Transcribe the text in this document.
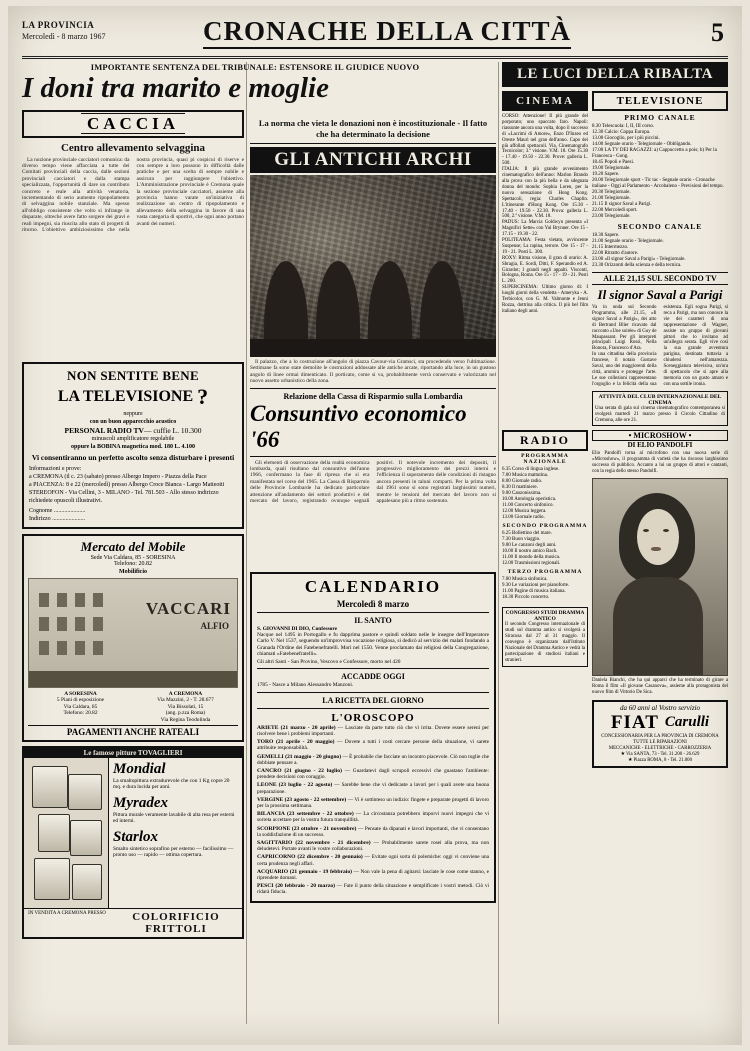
LA PROVINCIA
Mercoledì - 8 marzo 1967	CRONACHE DELLA CITTÀ	5
IMPORTANTE SENTENZA DEL TRIBUNALE: ESTENSORE IL GIUDICE NUOVO
I doni tra marito e moglie
CACCIA
Centro allevamento selvaggina

La nozione provinciale cacciatori comunica: da diverso tempo viene affacciata a tutte dei Comitati provinciali della caccia, dalle sezioni provinciali cacciatori e dalla stampa specializzata, l'opportunità di dare un contributo concreto e reale alla attività venatoria, incrementando di serio aumento ripopolamento di selvaggina nobile stanziale. Ma spesso all'obbligo consistente che volto si infrange in disparate, oltreché avere fatto sorgere dei gravi e reali impegni, sia riuscita allo stato di progetti di ritorno. L'obiettivo ambiziosissimo che nella nostra provincia, quasi pi cospicui di riserve e con sempre a loro possono in difficoltà dalle pratiche e per una scelta di sempre nobile e assicura per raggiungere l'obiettivo. L'Amministrazione provinciale è Cremona quale la sezione provinciale cacciatori, assieme alla provincia hanno varate un'iniziativa di realizzazione un centro di ripopolamento e allevamento della selvaggina in favore di una vasta categoria di sportivi, che ogni anno portano avanti dei numeri.

NON SENTITE BENE
LA TELEVISIONE ?
neppure
con un buon apparecchio acustico
PERSONAL RADIO TV— cuffie L. 10.300
minuscoli amplificatore regolabile
oppure la BOBINA magnetica mod. 180 L. 4.100
Vi consentiranno un perfetto ascolto senza disturbare i presenti
Informazioni e prove:
a CREMONA (il c. 23 (sabato) presso Albergo Impero - Piazza della Pace
a PIACENZA: 8 e 22 (mercoledì) presso Albergo Croce Bianca - Largo Matteotti
STEREOFON - Via Cellini, 3 - MILANO - Tel. 781.503 - Allo stesso indirizzo richiedete opuscoli illustrativi.
Cognome .....................
Indirizzo ......................
Mercato del Mobile
Sede Via Caldara, 85 - SORESINA
Telefono: 20.82
Mobilificio
VACCARI
ALFIO
A SORESINA
5 Piani di esposizione
Via Caldara, 85
Telefono: 20.82
A CREMONA
Via Mazzini, 2 - T. 28.677
Via Bissolati, 15
(ang. p.zza Roma)
Via Regina Teodolinda
PAGAMENTI ANCHE RATEALI
Le famose pitture TOVAGLIERI
Mondial
La smaltopittura extradurevole che con 1 Kg copre 20 mq. e dura lucida per anni.
Myradex
Pittura murale veramente lavabile di alta resa per esterni ed interni.
Starlox
Smalto sintetico soprafino per esterno — facilissimo — pronto uso — rapido — ottima copertura.
IN VENDITA A CREMONA PRESSO	COLORIFICIO FRITTOLI
La norma che vieta le donazioni non è incostituzionale - Il fatto che ha determinato la decisione
GLI ANTICHI ARCHI

Il palazzo, che a lo costruzione all'angolo di piazza Cavour-via Gramsci, sta procedendo verso l'ultimazione. Settimane fa sono state demolite le costruzioni addossate alle antiche arcate, riportando alla luce, in un gustoso angolo di linee ormai dimenticato. Il porticato, come si va, probabilmente verrà conservato e valorizzato nel nuovo assetto urbanistico della zona.

Relazione della Cassa di Risparmio sulla Lombardia
Consuntivo economico '66

Gli elementi di osservazione della realtà economica lombarda, quali risultano dal consuntivo dell'anno 1966, confermano la fase di ripresa che si era manifestata nel corso del 1965. La Cassa di Risparmio delle Provincie Lombarde ha dedicato particolare attenzione all'andamento dei settori produttivi e del mercato del lavoro, registrando ovunque segnali positivi. Il notevole incremento dei depositi, il progressivo miglioramento dei prezzi interni e l'efficienza il superamento delle condizioni di ristagno ancora presenti in taluni comparti. Per la prima volta dal 1961 sono si sono registrati larghissimi numeri, mentre le tensioni del mercato del lavoro non si appalesano più a ritmo sostenuto.

CALENDARIO
Mercoledì 8 marzo
IL SANTO
S. GIOVANNI DI DIO, Confessore
Nacque nel 1495 in Portogallo e fu dapprima pastore e quindi soldato nelle le insegne dell'Imperatore Carlo V. Nel 1537, seguendo un'improvvisa vocazione religiosa, si dedicò al servizio dei malati fondando a Granada l'Ordine dei Fatebenefratelli. Morì nel 1550. Venne proclamato dai religiosi della Congregazione, chiamati «Fatebenefratelli».
Gli altri Santi - San Provino, Vescovo e Confessore, morto nel 420
ACCADDE OGGI
1785 - Nasce a Milano Alessandro Manzoni.
LA RICETTA DEL GIORNO
L'OROSCOPO
ARIETE (21 marzo - 20 aprile) — Lasciate da parte tutto ciò che vi irrita. Dovete essere sereni per risolvere bene i problemi importanti.
TORO (21 aprile - 20 maggio) — Dovete a tutti i costi cercare persone della situazione, vi sarete attribuite responsabilità.
GEMELLI (21 maggio - 20 giugno) — È probabile che facciate un incontro piacevole. Ciò non toglie che dobbiate pensare a.
CANCRO (21 giugno - 22 luglio) — Guardatevi dagli scrupoli eccessivi che guastano l'ambiente: prendete decisioni con coraggio.
LEONE (23 luglio - 22 agosto) — Sarebbe bene che vi dedicaste a lavori per i quali avete una buona preparazione.
VERGINE (23 agosto - 22 settembre) — Vi è sottinteso un indizio: fingete e preparate progetti di lavoro per la prossima settimana.
BILANCIA (23 settembre - 22 ottobre) — La circostanza potrebbero imporvi nuovi impegni che vi sorreta accettare per la vostra futura tranquillità.
SCORPIONE (23 ottobre - 21 novembre) — Pensate da dipanati e lavori importanti, che vi consentano la soddisfazione di un successo.
SAGITTARIO (22 novembre - 21 dicembre) — Probabilmente sarete rosei alla prova, ma non deludetevi. Portate avanti le vostre collaborazioni.
CAPRICORNO (22 dicembre - 20 gennaio) — Evitate ogni sorta di polemiche: oggi vi conviene una certa prudenza negli affari.
ACQUARIO (21 gennaio - 19 febbraio) — Non vale la pena di agitarsi: lasciate le cose come stanno, e riprendete domani.
PESCI (20 febbraio - 20 marzo) — Fate il punto della situazione e semplificate i vostri metodi. Ciò vi ridarà fiducia.
LE LUCI DELLA RIBALTA
CINEMA
CORSO: Attenzione! Il più grande del porporato; uno spaccato faro. Napoli: riassunte ancora una volta, dopo il successo di «Lacrimi di Amore», Enzo D'Inzeo ed Oreste Maurì nel gran dell'anno. Capo dei più affollati spettacoli. Via, Cinematografo Tecnicolor; 3.ª visione. V.M. 18. Ore 15.30 - 17.40 - 19.50 - 22.30. Prove: galleria L. 500.
ITALIA: Il più grande avvenimento cinematografico dell'anno: Marlon Brando alla prova con la più bella e da sdegnata donna del mondo: Sophia Loren, per la nuova sensazione di Hong Kong. Spettacoli, regia: Charles Chaplin. L'itinerante d'Hong Kong. Ore 15.30 - 17.40 - 19.50 - 22.30. Prova: galleria L. 500, 2.ª visione. V.M. 18.
PADUS: La Marcia Goldwyn presenta «I Magnifici Sette» con Yul Brynner. Ore 15 - 17.15 - 19.30 - 22.
POLITEAMA: Festa vietato, avvincente Suspense; La rapina, terrore. Ore 15 - 17 - 19 - 21. Posti L. 300.
ROXY: Ritma visione, il gran di orario: A. Sbragia, E. Sordi, Ditti, F. Sperandio ed A. Girardot; I grandi negli appalti. Visconti, Bologna, Roma. Ore 15 - 17 - 19 - 21. Posti L. 200.
SUPERCINEMA: Ultimo giorno di: I luoghi giorni della vendetta - Ameryka - A. Terbicolor, con G. M. Valmonte e Jenni Rozza, dottrina alla critica. Il più bel film italiano degli anni.
TELEVISIONE
PRIMO CANALE
8.30 Telescuola: I, II, III corso.
12.30 Calcio: Coppa Europa.
13.00 Giocoglio, per i più piccini.
14.00 Segnale orario - Telegiornale - Obbligando.
17.00 LA TV DEI RAGAZZI: a) Cappuccetto a pois; b) Per la Francesca - Gong.
18.45 Popoli e Paesi.
19.00 Telegiornale.
19.20 Sapere.
20.00 Telegiornale sport - Tic tac - Segnale orario - Cronache italiane - Oggi al Parlamento - Arcobaleno - Previsioni del tempo.
20.30 Telegiornale.
21.00 Telegiornale.
21.15 Il signor Saval a Parigi.
22.00 Mercoledì sport.
23.00 Telegiornale.
SECONDO CANALE
18.30 Sapere.
21.00 Segnale orario - Telegiornale.
21.15 Intermezzo.
22.00 Ritratto d'autore.
23.00 «Il signor Saval a Parigi» - Telegiornale.
23.30 Orizzonti della scienza e della tecnica.
ALLE 21,15 SUL SECONDO TV
Il signor Saval a Parigi
Va in onda sul Secondo Programma, alle 21.15, «Il signor Saval a Parigi», dei atto di Bertrand Blier ricavato dal racconto «Une soirée» di Guy de Maupassant. Per gli interpreti principali Luigi Rossi, Nella Bonora, Francesco d'Ara.
In una cittadina della provincia francese, il notaio Gustave Saval, uno dei maggiorenti della città, ammira e protegge l'arte. Le sue collezioni rappresentano l'orgoglio e la felicità della sua esistenza. Egli sogna Parigi, si reca a Parigi, ma non conosce la vie dei caratteri di una rappresentazione di Wagner, assiste un gruppo di giovani pittori che lo invitano ad un'allegra serata. Egli vive così la sua grande avventura parigina, destinata tuttavia a chiudersi nell'amarezza. Sceneggiatura televisiva, un'ora di spettacolo che si apre alla memoria con un gusto amaro e con una sottile ironia.
ATTIVITÀ DEL CLUB INTERNAZIONALE DEL CINEMA
Una serata di gala sul cinema cinematografico contemporanea si svolgerà martedì 21 marzo presso il Circolo Cittadino di Cremona, alle ore 21.
RADIO
PROGRAMMA NAZIONALE
6.35 Corso di lingua inglese.
7.00 Musica mattutina.
8.00 Giornale radio.
8.30 Il mattiniere.
9.00 Canzonissima.
10.00 Antologia operistica.
11.00 Concerto sinfonico.
12.00 Musica leggera.
13.00 Giornale radio.
SECONDO PROGRAMMA
6.25 Bollettino del mare.
7.30 Buon viaggio.
9.00 Le canzoni degli anni.
10.00 Il nostro amico Bach.
11.00 Il mondo della musica.
12.00 Trasmissioni regionali.
TERZO PROGRAMMA
7.00 Musica sinfonica.
9.30 Le variazioni per pianoforte.
11.00 Pagine di musica italiana.
18.30 Piccolo concerto.
CONGRESSO STUDI DRAMMA ANTICO
Il secondo Congresso internazionale di studi sul dramma antico si svolgerà a Siracusa dal 27 al 31 maggio. Il convegno è organizzato dall'Istituto Nazionale del Dramma Antico e vedrà la partecipazione di studiosi italiani e stranieri.
• MICROSHOW •
DI ELIO PANDOLFI
Elio Pandolfi torna al microfono con una nuova serie di «Microshow», il programma di varietà che ha riscosso larghissimo successo di pubblico. Accanto a lui un gruppo di attori e cantanti, con la regia dello stesso Pandolfi.
Daniela Bianchi, che ha qui apparsi che ha terminato di girare a Roma il film «Il giovane Casanova», assieme alla protagonista del nuovo film di Vittorio De Sica.
da 60 anni al Vostro servizio
FIAT Carulli
CONCESSIONARIA PER LA PROVINCIA DI CREMONA
TUTTE LE RIPARAZIONI
MECCANICHE - ELETTRICHE - CARROZZERIA
★ Via SANTA, 73 - Tel. 31.200 - 26.629
★ Piazza ROMA, 8 - Tel. 21.000
